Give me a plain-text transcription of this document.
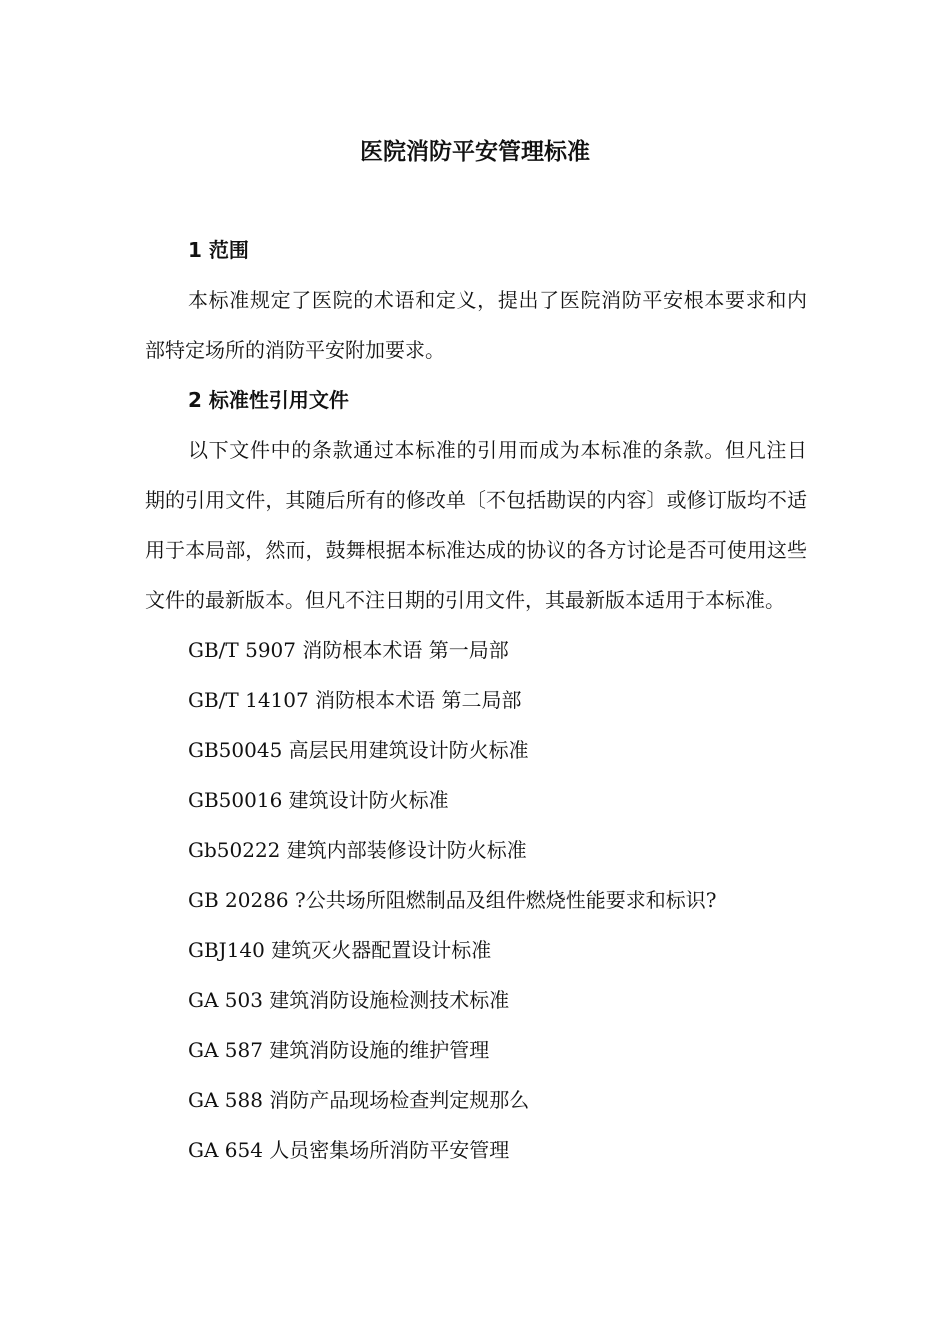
医院消防平安管理标准
1 范围

本标准规定了医院的术语和定义，提出了医院消防平安根本要求和内部特定场所的消防平安附加要求。

2 标准性引用文件

以下文件中的条款通过本标准的引用而成为本标准的条款。但凡注日期的引用文件，其随后所有的修改单〔不包括勘误的内容〕或修订版均不适用于本局部，然而，鼓舞根据本标准达成的协议的各方讨论是否可使用这些文件的最新版本。但凡不注日期的引用文件，其最新版本适用于本标准。

GB/T 5907 消防根本术语 第一局部
GB/T 14107 消防根本术语 第二局部
GB50045 高层民用建筑设计防火标准
GB50016 建筑设计防火标准
Gb50222 建筑内部装修设计防火标准
GB 20286 ?公共场所阻燃制品及组件燃烧性能要求和标识?
GBJ140 建筑灭火器配置设计标准
GA 503 建筑消防设施检测技术标准
GA 587 建筑消防设施的维护管理
GA 588 消防产品现场检查判定规那么
GA 654 人员密集场所消防平安管理
